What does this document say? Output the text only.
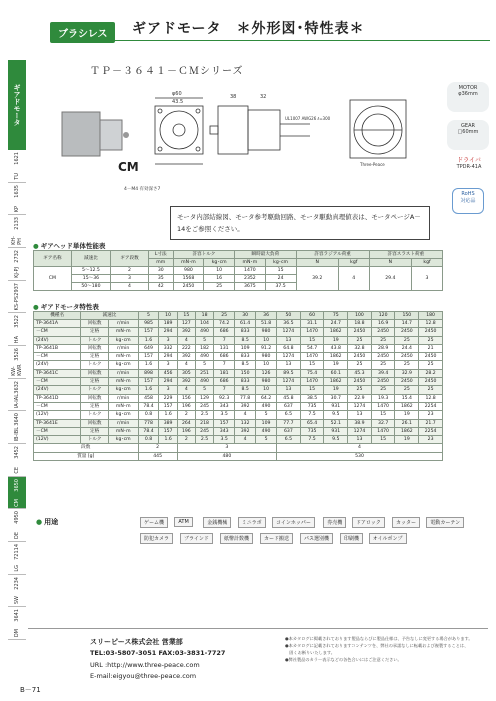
ブラシレス	ギアドモータ　＊外形図･特性表＊
ギアドモータ
1621
TU
1635
KP
2133
KH-PH
2732
KJ-PJ
2937
KS-PS
3522
HA
3526
KW-KWR
3632
IA-IAL
3640
IB-IBL
3452
CE
3650
CM
4950
DE
72114
LG
2234
SW
3641
DM
ＴＰ－３６４１－ＣＭシリーズ
φ60
43.5
32
38
UL1007 AWG26 ℓ=300
Three-Peace
4－M4 有効深さ7
CM
MOTOR
φ36mm
GEAR
□60mm
ドライバ
TPDR-41A
RoHS
対応品
モータ内部結線図、モータ参考駆動回路、モータ駆動真理値表は、モータページA－14をご参照ください。
● ギアヘッド単体性能表
ギア名称	減速比	ギア段数	L寸法	許容トルク		瞬時最大負荷		許容ラジアル荷重		許容スラスト荷重	
			mm	mN･m	kg･cm	mN･m	kg･cm	N	kgf	N	kgf
CM	5～12.5	2	30	980	10	1470	15	39.2	4	29.4	3
	15～36	3	35	1568	16	2352	24				
	50～180	4	42	2450	25	3675	37.5				
● ギアドモータ特性表
機種名	減速比		5	10	15	18	25	30	36	50	60	75	100	120	150	180
TP-3641A	回転数	r/min	985	189	127	104	74.2	61.4	51.8	36.5	31.1	24.7	18.8	16.9	14.7	12.8
－CM	定格	mN･m	157	294	392	490	686	833	980	1274	1470	1862	2450	2450	2450	2450
(24V)	トルク	kg･cm	1.6	3	4	5	7	8.5	10	13	15	19	25	25	25	25
TP-3641B	回転数	r/min	649	332	222	182	131	109	91.2	64.8	54.7	43.8	32.8	28.9	24.4	21
－CM	定格	mN･m	157	294	392	490	686	833	980	1274	1470	1862	2450	2450	2450	2450
(24V)	トルク	kg･cm	1.6	3	4	5	7	8.5	10	13	15	19	25	25	25	25
TP-3641C	回転数	r/min	898	456	305	251	181	150	126	89.5	75.4	60.1	45.3	39.4	32.9	28.2
－CM	定格	mN･m	157	294	392	490	686	833	980	1274	1470	1862	2450	2450	2450	2450
(24V)	トルク	kg･cm	1.6	3	4	5	7	8.5	10	13	15	19	25	25	25	25
TP-3641D	回転数	r/min	458	229	156	129	92.3	77.8	64.2	45.8	38.5	30.7	22.9	19.3	15.4	12.8
－CM	定格	mN･m	78.4	157	196	245	343	392	490	637	735	931	1274	1470	1862	2254
(12V)	トルク	kg･cm	0.8	1.6	2	2.5	3.5	4	5	6.5	7.5	9.5	13	15	19	23
TP-3641E	回転数	r/min	778	389	264	218	157	132	109	77.7	65.4	52.1	38.9	32.7	26.1	21.7
－CM	定格	mN･m	78.4	157	196	245	343	392	490	637	735	931	1274	1470	1862	2254
(12V)	トルク	kg･cm	0.8	1.6	2	2.5	3.5	4	5	6.5	7.5	9.5	13	15	19	23
段数			2		3					4						
質量 [g]			445		480					530						
● 用途	ゲーム機	ATM	金銭機械	ミニラボ	コインホッパー	券売機	ドアロック	カッター	電動カーテン
防犯カメラ	ブラインド	紙幣計数機	カード搬送	パス選別機	印刷機	オイルポンプ
スリーピース株式会社 営業部
TEL:03-5807-3051 FAX:03-3831-7727
URL :http://www.three-peace.com
E-mail:eigyou@three-peace.com
●本カタログに掲載されております製品ならびに製品仕様は、予告なしに変更する場合があります。
●本カタログに記載されておりますコンテンツを、弊社の承諾なしに転載および複製することは、
　固くお断りいたします。
●弊社製品のカラー表示などの各色合いにはご注意ください。
B－71
